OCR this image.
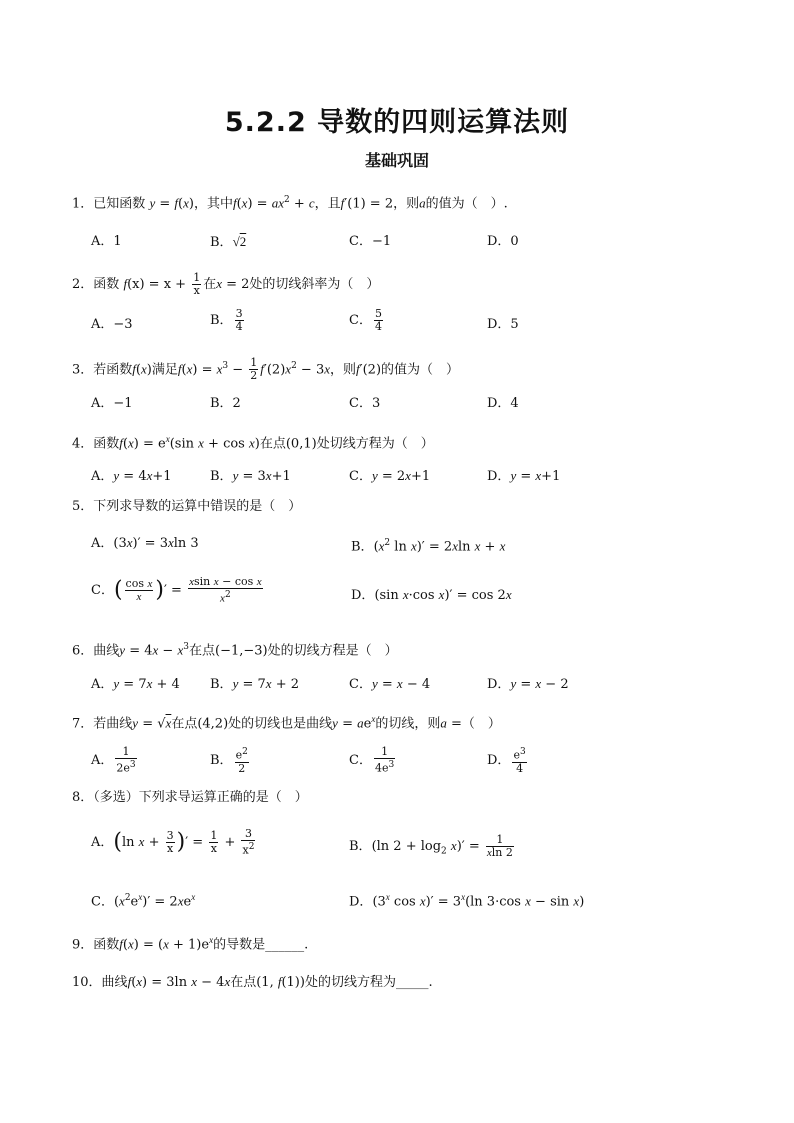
5.2.2 导数的四则运算法则
基础巩固
1．已知函数 y = f(x)，其中$f(x) = ax^2 + c$，且f′(1) = 2，则a的值为（　）.
A．1	B．√2	C．−1	D．0
2．函数 $f(x) = x + \frac{1}{x}$ 在x = 2处的切线斜率为（　）
A．−3	B． $\frac{3}{4}$	C． $\frac{5}{4}$	D．5
3．若函数f(x)满足$f(x) = x^3 - \frac{1}{2} f'(2)x^2 - 3x$，则f′(2)的值为（　）
A．−1	B．2	C．3	D．4
4．函数$f(x) = e^x(\sin$ x + cos x)在点(0,1)处切线方程为（　）
A．y = 4x+1	B．y = 3x+1	C．y = 2x+1	D．y = x+1
5．下列求导数的运算中错误的是（　）
A．(3x)′ = 3xln 3	B．($x^2$ ln x)′ = 2xln x + x
C．( $\frac{\text{cos x}}{x}$ )′ = $\frac{\text{xsin x − cos x}}{x^2}$	D．(sin x·cos x)′ = cos 2x
6．曲线$y = 4x - x^3$在点(−1,−3)处的切线方程是（　）
A．y = 7x + 4 B．y = 7x + 2	C．y = x − 4	D．y = x − 2
7．若曲线y = √x在点(4,2)处的切线也是曲线$y = ae^x$的切线，则a =（　）
A． $\frac{1}{2e^3}$	B． $\frac{e^2}{2}$	C． $\frac{1}{4e^3}$	D． $\frac{e^3}{4}$
8．（多选）下列求导运算正确的是（　）
A．(ln $x + \frac{3}{x}$ )′ = $\frac{1}{x} + \frac{3}{x^2}$	B．(ln $2 + \log_2 x)' = \frac{1}{xln 2}$
C．$(x^2e^x)' = 2xe^x$	D．(3$^x$ $\cos x)' = 3^x(\ln$ 3·cos x − sin x)
9．函数$f(x) = (x + 1)e^x$的导数是______.
10．曲线f(x) = 3ln x − 4x在点(1, f(1))处的切线方程为_____.
